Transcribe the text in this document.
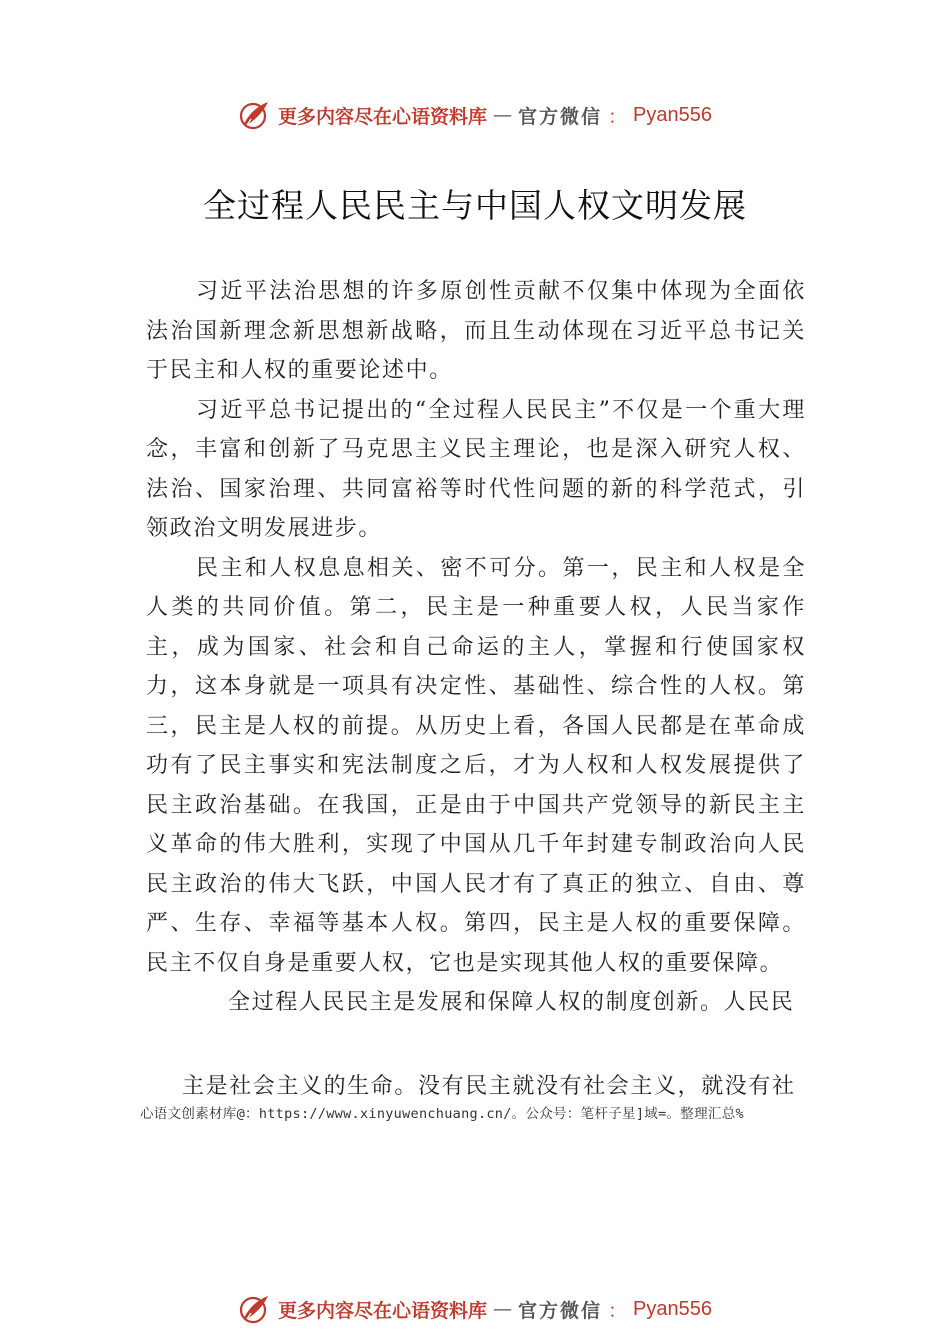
更多内容尽在心语资料库 — 官方微信 ： Pyan556
全过程人民民主与中国人权文明发展

习近平法治思想的许多原创性贡献不仅集中体现为全面依法治国新理念新思想新战略，而且生动体现在习近平总书记关于民主和人权的重要论述中。

习近平总书记提出的“全过程人民民主”不仅是一个重大理念，丰富和创新了马克思主义民主理论，也是深入研究人权、法治、国家治理、共同富裕等时代性问题的新的科学范式，引领政治文明发展进步。

民主和人权息息相关、密不可分。第一，民主和人权是全人类的共同价值。第二，民主是一种重要人权，人民当家作主，成为国家、社会和自己命运的主人，掌握和行使国家权力，这本身就是一项具有决定性、基础性、综合性的人权。第三，民主是人权的前提。从历史上看，各国人民都是在革命成功有了民主事实和宪法制度之后，才为人权和人权发展提供了民主政治基础。在我国，正是由于中国共产党领导的新民主主义革命的伟大胜利，实现了中国从几千年封建专制政治向人民民主政治的伟大飞跃，中国人民才有了真正的独立、自由、尊严、生存、幸福等基本人权。第四，民主是人权的重要保障。民主不仅自身是重要人权，它也是实现其他人权的重要保障。

全过程人民民主是发展和保障人权的制度创新。人民民

主是社会主义的生命。没有民主就没有社会主义，就没有社
心语文创素材库@：https://www.xinyuwenchuang.cn/。公众号：笔杆子星]域=。整理汇总%
更多内容尽在心语资料库 — 官方微信 ： Pyan556
